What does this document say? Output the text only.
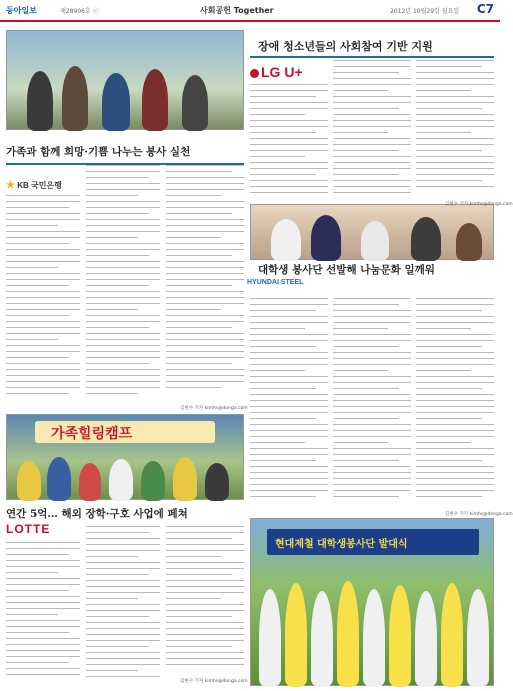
동아일보	제28906호 ⓒ	사회공헌 Together	2012년 10월29일 월요일 C7
장애 청소년들의 사회참여 기반 지원
LG U+
김현수 기자 kimhs@donga.com
가족과 함께 희망·기쁨 나누는 봉사 실천
★ KB 국민은행
김현수 기자 kimhs@donga.com
가족힐링캠프
대학생 봉사단 선발해 나눔문화 일깨워
HYUNDAI STEEL
김현수 기자 kimhs@donga.com
현대제철 대학생봉사단 발대식
연간 5억… 해외 장학·구호 사업에 페쳐
LOTTE
김현수 기자 kimhs@donga.com
